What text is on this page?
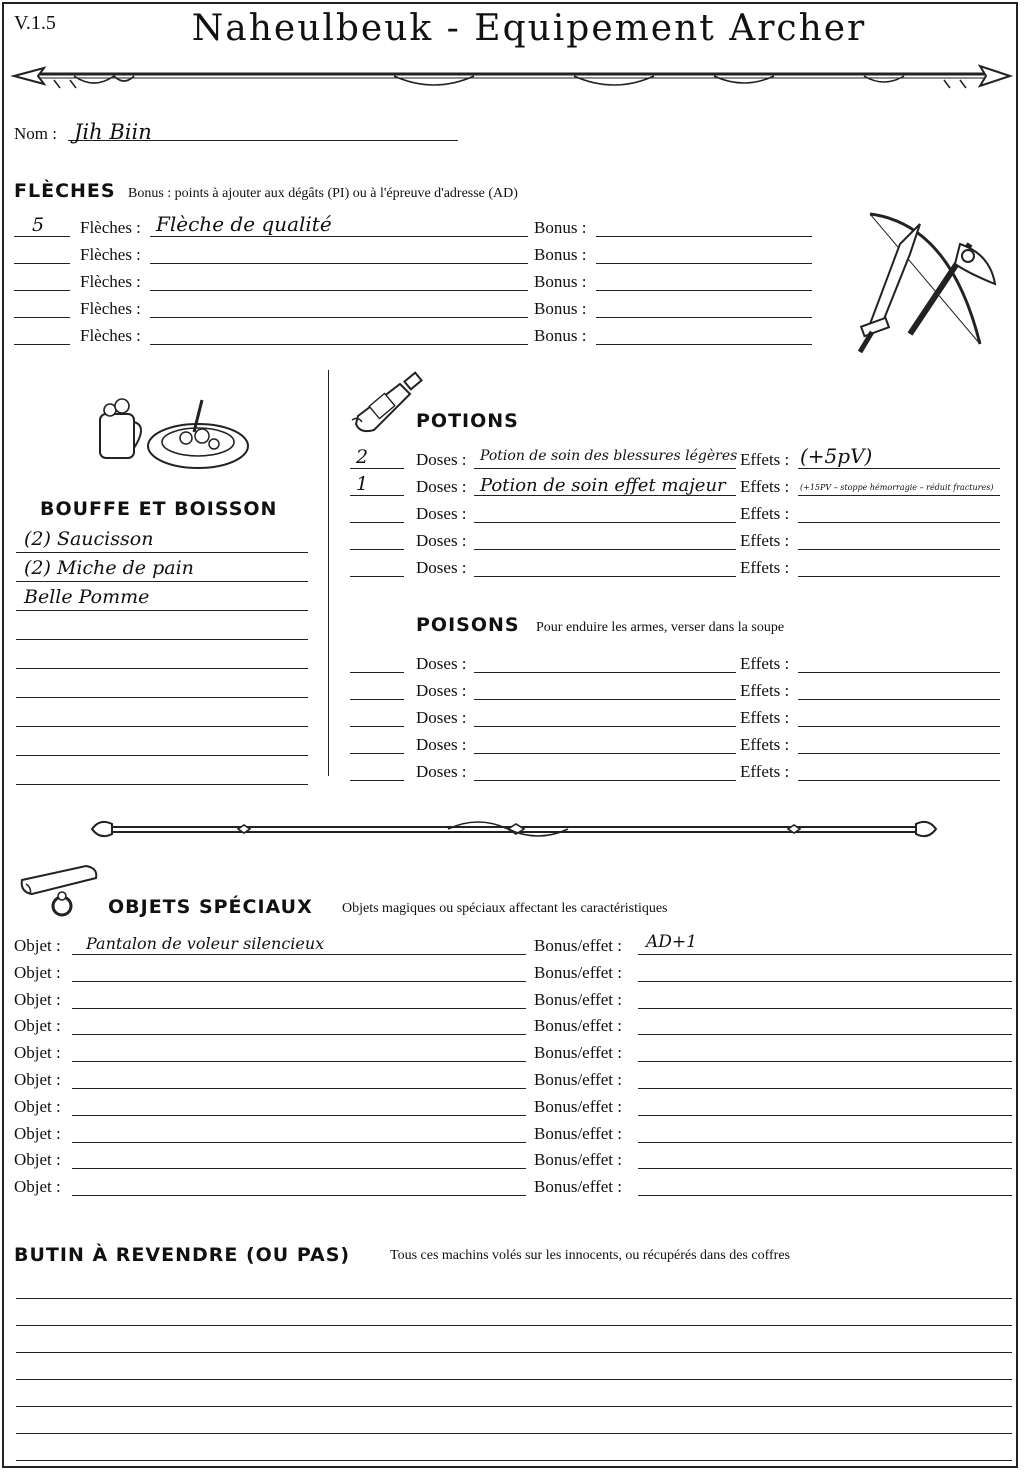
V.1.5	Naheulbeuk - Equipement Archer
Nom : Jih Biin
FLÈCHES Bonus : points à ajouter aux dégâts (PI) ou à l'épreuve d'adresse (AD)
5 Flèches : Flèche de qualité	Bonus :
Flèches :	Bonus :
Flèches :	Bonus :
Flèches :	Bonus :
Flèches :	Bonus :
BOUFFE ET BOISSON
(2) Saucisson
(2) Miche de pain
Belle Pomme
POTIONS
2	Doses : Potion de soin des blessures légères Effets : (+5pV)
1	Doses : Potion de soin effet majeur Effets : (+15PV – stoppe hémorragie – réduit fractures)
Doses :	Effets :
Doses :	Effets :
Doses :	Effets :
POISONS Pour enduire les armes, verser dans la soupe
Doses :	Effets :
Doses :	Effets :
Doses :	Effets :
Doses :	Effets :
Doses :	Effets :
OBJETS SPÉCIAUX Objets magiques ou spéciaux affectant les caractéristiques
Objet : Pantalon de voleur silencieux	Bonus/effet : AD+1
Objet :	Bonus/effet :
Objet :	Bonus/effet :
Objet :	Bonus/effet :
Objet :	Bonus/effet :
Objet :	Bonus/effet :
Objet :	Bonus/effet :
Objet :	Bonus/effet :
Objet :	Bonus/effet :
Objet :	Bonus/effet :
BUTIN À REVENDRE (OU PAS)	Tous ces machins volés sur les innocents, ou récupérés dans des coffres
